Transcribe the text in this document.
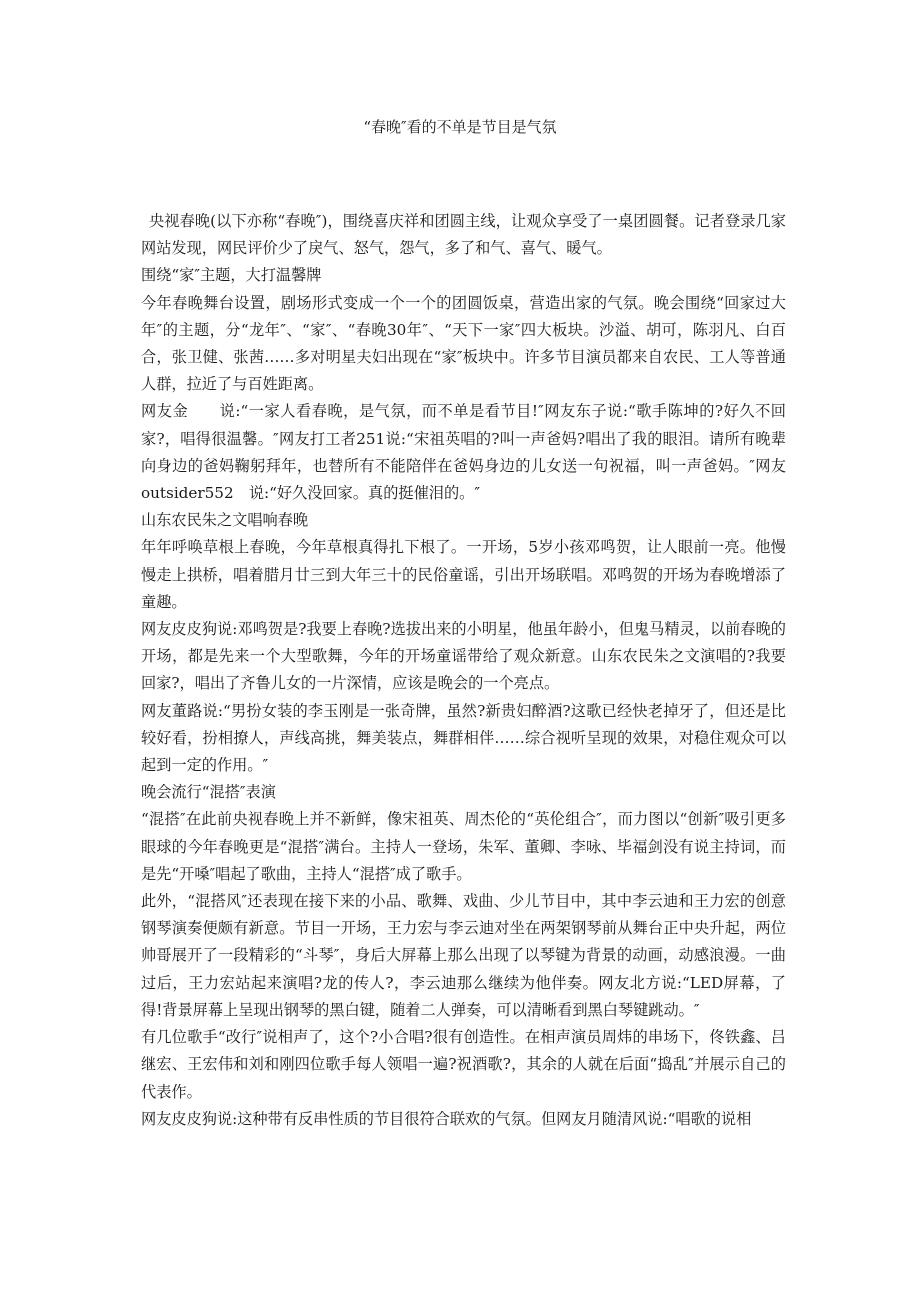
“春晚″看的不单是节目是气氛

央视春晚(以下亦称“春晚″)，围绕喜庆祥和团圆主线，让观众享受了一桌团圆餐。记者登录几家网站发现，网民评价少了戾气、怒气，怨气，多了和气、喜气、暖气。

围绕“家″主题，大打温馨牌

今年春晚舞台设置，剧场形式变成一个一个的团圆饭桌，营造出家的气氛。晚会围绕“回家过大年″的主题，分“龙年″、“家″、“春晚30年″、“天下一家″四大板块。沙溢、胡可，陈羽凡、白百合，张卫健、张茜……多对明星夫妇出现在“家″板块中。许多节目演员都来自农民、工人等普通人群，拉近了与百姓距离。

网友金　　说:“一家人看春晚，是气氛，而不单是看节目!″网友东子说:“歌手陈坤的?好久不回家?，唱得很温馨。″网友打工者251说:“宋祖英唱的?叫一声爸妈?唱出了我的眼泪。请所有晚辈向身边的爸妈鞠躬拜年，也替所有不能陪伴在爸妈身边的儿女送一句祝福，叫一声爸妈。″网友outsider552　说:“好久没回家。真的挺催泪的。″

山东农民朱之文唱响春晚

年年呼唤草根上春晚，今年草根真得扎下根了。一开场，5岁小孩邓鸣贺，让人眼前一亮。他慢慢走上拱桥，唱着腊月廿三到大年三十的民俗童谣，引出开场联唱。邓鸣贺的开场为春晚增添了童趣。

网友皮皮狗说:邓鸣贺是?我要上春晚?选拔出来的小明星，他虽年龄小，但鬼马精灵，以前春晚的开场，都是先来一个大型歌舞，今年的开场童谣带给了观众新意。山东农民朱之文演唱的?我要回家?，唱出了齐鲁儿女的一片深情，应该是晚会的一个亮点。

网友董路说:“男扮女装的李玉刚是一张奇牌，虽然?新贵妇醉酒?这歌已经快老掉牙了，但还是比较好看，扮相撩人，声线高挑，舞美装点，舞群相伴……综合视听呈现的效果，对稳住观众可以起到一定的作用。″

晚会流行“混搭″表演

“混搭″在此前央视春晚上并不新鲜，像宋祖英、周杰伦的“英伦组合″，而力图以“创新″吸引更多眼球的今年春晚更是“混搭″满台。主持人一登场，朱军、董卿、李咏、毕福剑没有说主持词，而是先“开嗓″唱起了歌曲，主持人“混搭″成了歌手。

此外，“混搭风″还表现在接下来的小品、歌舞、戏曲、少儿节目中，其中李云迪和王力宏的创意钢琴演奏便颇有新意。节目一开场，王力宏与李云迪对坐在两架钢琴前从舞台正中央升起，两位帅哥展开了一段精彩的“斗琴″，身后大屏幕上那么出现了以琴键为背景的动画，动感浪漫。一曲过后，王力宏站起来演唱?龙的传人?，李云迪那么继续为他伴奏。网友北方说:“LED屏幕，了得!背景屏幕上呈现出钢琴的黑白键，随着二人弹奏，可以清晰看到黑白琴键跳动。″

有几位歌手“改行″说相声了，这个?小合唱?很有创造性。在相声演员周炜的串场下，佟铁鑫、吕继宏、王宏伟和刘和刚四位歌手每人领唱一遍?祝酒歌?，其余的人就在后面“捣乱″并展示自己的代表作。

网友皮皮狗说:这种带有反串性质的节目很符合联欢的气氛。但网友月随清风说:“唱歌的说相
